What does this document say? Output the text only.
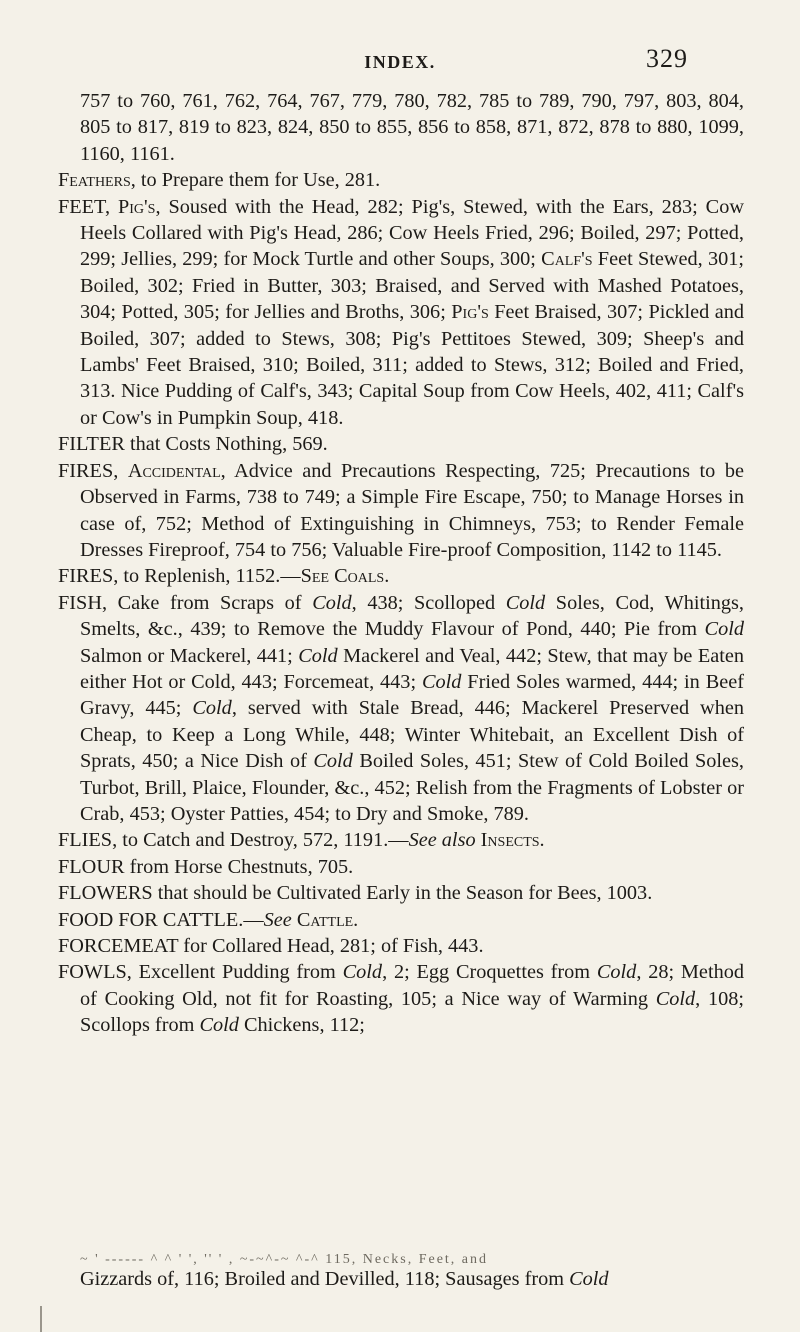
INDEX.	329

757 to 760, 761, 762, 764, 767, 779, 780, 782, 785 to 789, 790, 797, 803, 804, 805 to 817, 819 to 823, 824, 850 to 855, 856 to 858, 871, 872, 878 to 880, 1099, 1160, 1161.

Feathers, to Prepare them for Use, 281.

FEET, Pig's, Soused with the Head, 282; Pig's, Stewed, with the Ears, 283; Cow Heels Collared with Pig's Head, 286; Cow Heels Fried, 296; Boiled, 297; Potted, 299; Jellies, 299; for Mock Turtle and other Soups, 300; Calf's Feet Stewed, 301; Boiled, 302; Fried in Butter, 303; Braised, and Served with Mashed Potatoes, 304; Potted, 305; for Jellies and Broths, 306; Pig's Feet Braised, 307; Pickled and Boiled, 307; added to Stews, 308; Pig's Pettitoes Stewed, 309; Sheep's and Lambs' Feet Braised, 310; Boiled, 311; added to Stews, 312; Boiled and Fried, 313. Nice Pudding of Calf's, 343; Capital Soup from Cow Heels, 402, 411; Calf's or Cow's in Pumpkin Soup, 418.

FILTER that Costs Nothing, 569.

FIRES, Accidental, Advice and Precautions Respecting, 725; Precautions to be Observed in Farms, 738 to 749; a Simple Fire Escape, 750; to Manage Horses in case of, 752; Method of Extinguishing in Chimneys, 753; to Render Female Dresses Fireproof, 754 to 756; Valuable Fire-proof Composition, 1142 to 1145.

FIRES, to Replenish, 1152.—See Coals.

FISH, Cake from Scraps of Cold, 438; Scolloped Cold Soles, Cod, Whitings, Smelts, &c., 439; to Remove the Muddy Flavour of Pond, 440; Pie from Cold Salmon or Mackerel, 441; Cold Mackerel and Veal, 442; Stew, that may be Eaten either Hot or Cold, 443; Forcemeat, 443; Cold Fried Soles warmed, 444; in Beef Gravy, 445; Cold, served with Stale Bread, 446; Mackerel Preserved when Cheap, to Keep a Long While, 448; Winter Whitebait, an Excellent Dish of Sprats, 450; a Nice Dish of Cold Boiled Soles, 451; Stew of Cold Boiled Soles, Turbot, Brill, Plaice, Flounder, &c., 452; Relish from the Fragments of Lobster or Crab, 453; Oyster Patties, 454; to Dry and Smoke, 789.

FLIES, to Catch and Destroy, 572, 1191.—See also Insects.

FLOUR from Horse Chestnuts, 705.

FLOWERS that should be Cultivated Early in the Season for Bees, 1003.

FOOD FOR CATTLE.—See Cattle.

FORCEMEAT for Collared Head, 281; of Fish, 443.

FOWLS, Excellent Pudding from Cold, 2; Egg Croquettes from Cold, 28; Method of Cooking Old, not fit for Roasting, 105; a Nice way of Warming Cold, 108; Scollops from Cold Chickens, 112;

~ ' ------ ^ ^ ' ', '' ' , ~-~^-~ ^-^ 115, Necks, Feet, and
Gizzards of, 116; Broiled and Devilled, 118; Sausages from Cold
